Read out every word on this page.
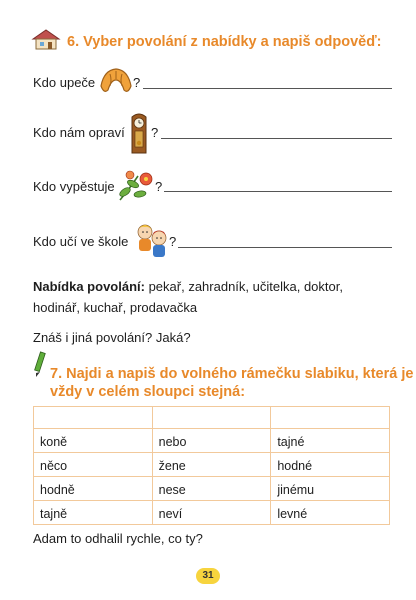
6. Vyber povolání z nabídky a napiš odpověď:
Kdo upeče	?
Kdo nám opraví ?
Kdo vypěstuje	?
Kdo učí ve škole	?
Nabídka povolání: pekař, zahradník, učitelka, doktor, hodinář, kuchař, prodavačka
Znáš i jiná povolání? Jaká?
7. Najdi a napiš do volného rámečku slabiku, která je
vždy v celém sloupci stejná:

koně	nebo	tajné
něco	žene	hodné
hodně	nese	jinému
tajně	neví	levné
Adam to odhalil rychle, co ty?
31
